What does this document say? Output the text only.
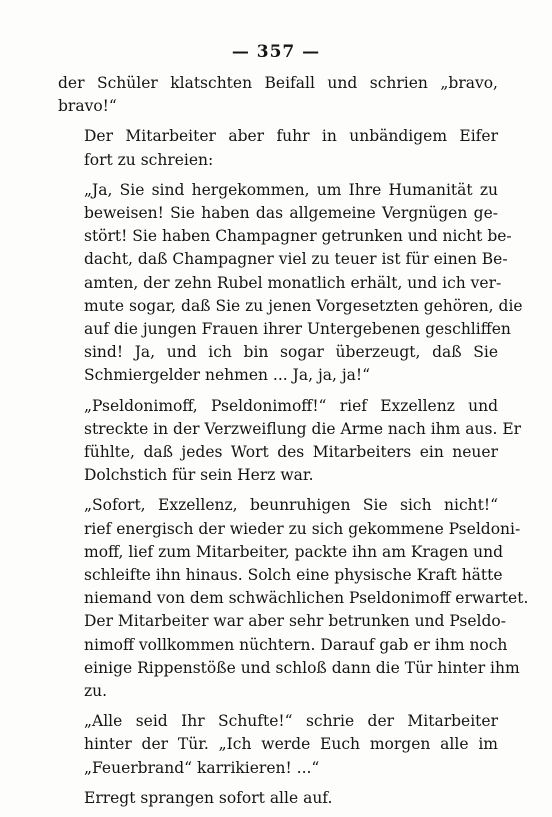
— 357 —

der Schüler klatschten Beifall und schrien „bravo,
bravo!“

Der Mitarbeiter aber fuhr in unbändigem Eifer
fort zu schreien:

„Ja, Sie sind hergekommen, um Ihre Humanität zu
beweisen! Sie haben das allgemeine Vergnügen ge-
stört! Sie haben Champagner getrunken und nicht be-
dacht, daß Champagner viel zu teuer ist für einen Be-
amten, der zehn Rubel monatlich erhält, und ich ver-
mute sogar, daß Sie zu jenen Vorgesetzten gehören, die
auf die jungen Frauen ihrer Untergebenen geschliffen
sind! Ja, und ich bin sogar überzeugt, daß Sie
Schmiergelder nehmen ... Ja, ja, ja!“

„Pseldonimoff, Pseldonimoff!“ rief Exzellenz und
streckte in der Verzweiflung die Arme nach ihm aus. Er
fühlte, daß jedes Wort des Mitarbeiters ein neuer
Dolchstich für sein Herz war.

„Sofort, Exzellenz, beunruhigen Sie sich nicht!“
rief energisch der wieder zu sich gekommene Pseldoni-
moff, lief zum Mitarbeiter, packte ihn am Kragen und
schleifte ihn hinaus. Solch eine physische Kraft hätte
niemand von dem schwächlichen Pseldonimoff erwartet.
Der Mitarbeiter war aber sehr betrunken und Pseldo-
nimoff vollkommen nüchtern. Darauf gab er ihm noch
einige Rippenstöße und schloß dann die Tür hinter ihm
zu.

„Alle seid Ihr Schufte!“ schrie der Mitarbeiter
hinter der Tür. „Ich werde Euch morgen alle im
„Feuerbrand“ karrikieren! ...“

Erregt sprangen sofort alle auf.
